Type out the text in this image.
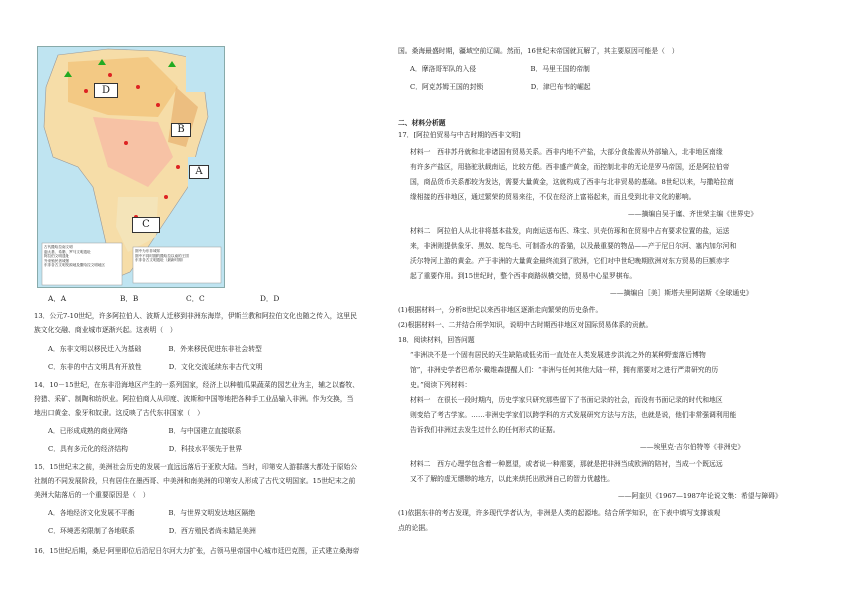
D
B
A
C
古代撒哈拉南文明
迦太基、希腊、罗马文明遗址
阿拉伯文明遗址
外来殖民者城堡
东非各古文明发源地及撒哈拉文明地区
图中为东非城邦
图中不同时期的撒哈拉以南的王国
东非各古文明遗址（最新时期）
A．A	B．B	C．C	D．D
13．公元7-10世纪，许多阿拉伯人、波斯人迁移到非洲东海岸，伊斯兰教和阿拉伯文化也随之传入，这里民
族文化交融、商业城市逐渐兴起。这表明（　）
A．东非文明以移民迁入为基础　　　　B．外来移民促进东非社会转型
C．东非的中古文明具有开放性　　　　D．文化交流延续东非古代文明
14．10－15世纪，在东非沿海地区产生的一系列国家，经济上以种植瓜果蔬菜的园艺业为主，辅之以畜牧、
狩猎、采矿、制陶和纺织业。阿拉伯商人从印度、波斯和中国等地把各种手工业品输入非洲。作为交换，当
地出口黄金、象牙和奴隶。这反映了古代东非国家（　）
A．已形成成熟的商业网络　　　　　　B．与中国建立直接联系
C．具有多元化的经济结构　　　　　　D．科技水平领先于世界
15．15世纪末之前，美洲社会历史的发展一直远远落后于亚欧大陆。当时，印第安人游群落大都处于原始公
社制的不同发展阶段，只有居住在墨西哥、中美洲和南美洲的印第安人形成了古代文明国家。15世纪末之前
美洲大陆落后的一个重要原因是（　）
A．各地经济文化发展不平衡　　　　　B．与世界文明发达地区隔绝
C．环境恶劣限制了各地联系　　　　　D．西方殖民者尚未踏足美洲
16．15世纪后期，桑尼·阿里即位后沿尼日尔河大力扩张，占领马里帝国中心城市廷巴克图，正式建立桑海帝
国。桑海最盛时期，疆域空前辽阔。然而，16世纪末帝国就瓦解了，其主要原因可能是（　）
A．摩洛哥军队的入侵　　　　　　　　B．马里王国的帝制
C．阿克苏姆王国的封锁　　　　　　　D．津巴布韦的崛起
二、材料分析题
17．[阿拉伯贸易与中古时期的西非文明]
材料一　西非苏丹就和北非诸国有贸易关系。西非内地不产盐，大部分食盐需从外部输入，北非地区南缘
有许多产盐区，用骆驼驮载南运，比较方便。西非盛产黄金，而控制北非的无论是罗马帝国，还是阿拉伯帝
国，商品货币关系都较为发达，需要大量黄金，这就构成了西非与北非贸易的基础。8世纪以来，与撒哈拉南
缘相接的西非地区，通过繁荣的贸易来往，不仅在经济上富裕起来，而且受到北非文化的影响。
——摘编自吴于廑、齐世荣主编《世界史》
材料二　阿拉伯人从北非将基本盐发，向南运送布匹、珠宝、贝壳仿琢和在贸易中占有要求位置的盐，运送
来，非洲则提供象牙、黑奴、鸵鸟毛、可制香水的香猫，以及最重要的物品——产于尼日尔河、塞内加尔河和
沃尔特河上游的黄金。产于非洲的大量黄金最终流到了欧洲，它们对中世纪晚期欧洲对东方贸易的巨额赤字
起了重要作用。到15世纪时，整个西非商路纵横交错，贸易中心星罗棋布。
——摘编自［美］斯塔夫里阿诺斯《全球通史》
(1)根据材料一，分析8世纪以来西非地区逐渐走向繁荣的历史条件。
(2)根据材料一、二并结合所学知识，说明中古时期西非地区对国际贸易体系的贡献。
18．阅读材料，回答问题
“非洲决不是一个固有居民的天生缺陷或低劣而一直处在人类发展进步洪流之外的某种野蛮落后博物
馆”，非洲史学者巴希尔·戴维森提醒人们：“非洲与任何其他大陆一样，拥有需要对之进行严肃研究的历
史。”阅读下列材料：
材料一　在很长一段时期内，历史学家只研究那些留下了书面记录的社会，而没有书面记录的时代和地区
则变给了考古学家。……非洲史学家们以跨学科的方式发展研究方法与方法，也就是说，他们非常强调利用能
告诉我们非洲过去发生过什么的任何形式的证据。
——埃里克·吉尔伯特等《非洲史》
材料二　西方心理学包含着一种愿望，或者说一种需要，那就是把非洲当成欧洲的陪衬，当成一个既远远
又不了解的虚无缥缈的地方，以此来烘托出欧洲自己的智力优越性。
——阿奎贝《1967—1987年论说文集：希望与障碍》
(1)依据东非的考古发现，许多现代学者认为，非洲是人类的起源地。结合所学知识，在下表中填写支撑该观
点的论据。
